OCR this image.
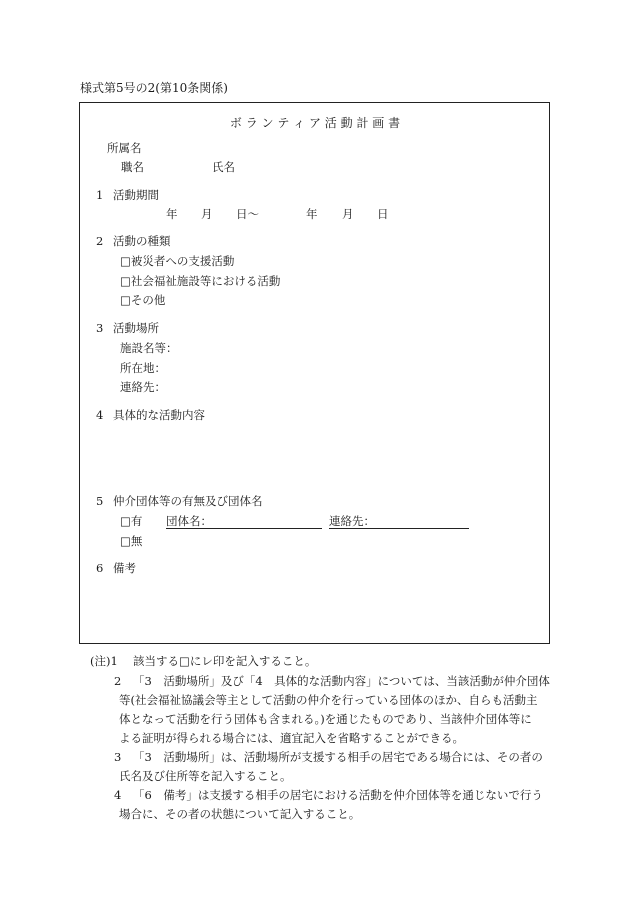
様式第5号の2(第10条関係)
ボ ラ ン テ ィ ア 活 動 計 画 書
所属名
職名	氏名
1 活動期間
年 月 日～	年 月 日
2 活動の種類
□被災者への支援活動
□社会福祉施設等における活動
□その他
3 活動場所
施設名等：
所在地：
連絡先：
4 具体的な活動内容
5 仲介団体等の有無及び団体名
□有 団体名：	連絡先：
□無
6 備考
(注)1 該当する□にレ印を記入すること。
2 「3　活動場所」及び「4　具体的な活動内容」については、当該活動が仲介団体
等(社会福祉協議会等主として活動の仲介を行っている団体のほか、自らも活動主
体となって活動を行う団体も含まれる。)を通じたものであり、当該仲介団体等に
よる証明が得られる場合には、適宜記入を省略することができる。
3 「3　活動場所」は、活動場所が支援する相手の居宅である場合には、その者の
氏名及び住所等を記入すること。
4 「6　備考」は支援する相手の居宅における活動を仲介団体等を通じないで行う
場合に、その者の状態について記入すること。
